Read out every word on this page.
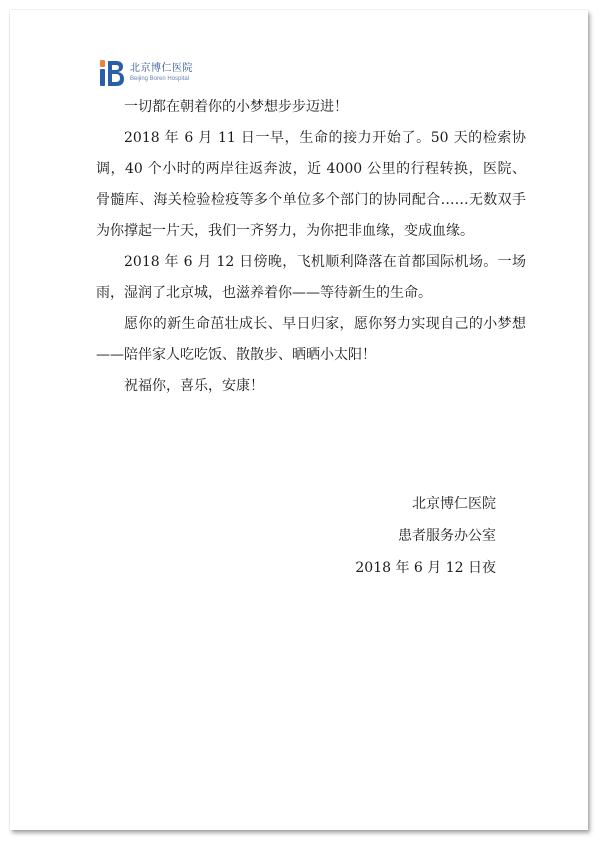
北京博仁医院
Beijing Boren Hospital

一切都在朝着你的小梦想步步迈进！

2018 年 6 月 11 日一早，生命的接力开始了。50 天的检索协调，40 个小时的两岸往返奔波，近 4000 公里的行程转换，医院、骨髓库、海关检验检疫等多个单位多个部门的协同配合……无数双手为你撑起一片天，我们一齐努力，为你把非血缘，变成血缘。

2018 年 6 月 12 日傍晚，飞机顺利降落在首都国际机场。一场雨，湿润了北京城，也滋养着你——等待新生的生命。

愿你的新生命茁壮成长、早日归家，愿你努力实现自己的小梦想——陪伴家人吃吃饭、散散步、晒晒小太阳！

祝福你，喜乐，安康！

北京博仁医院
患者服务办公室
2018 年 6 月 12 日夜
